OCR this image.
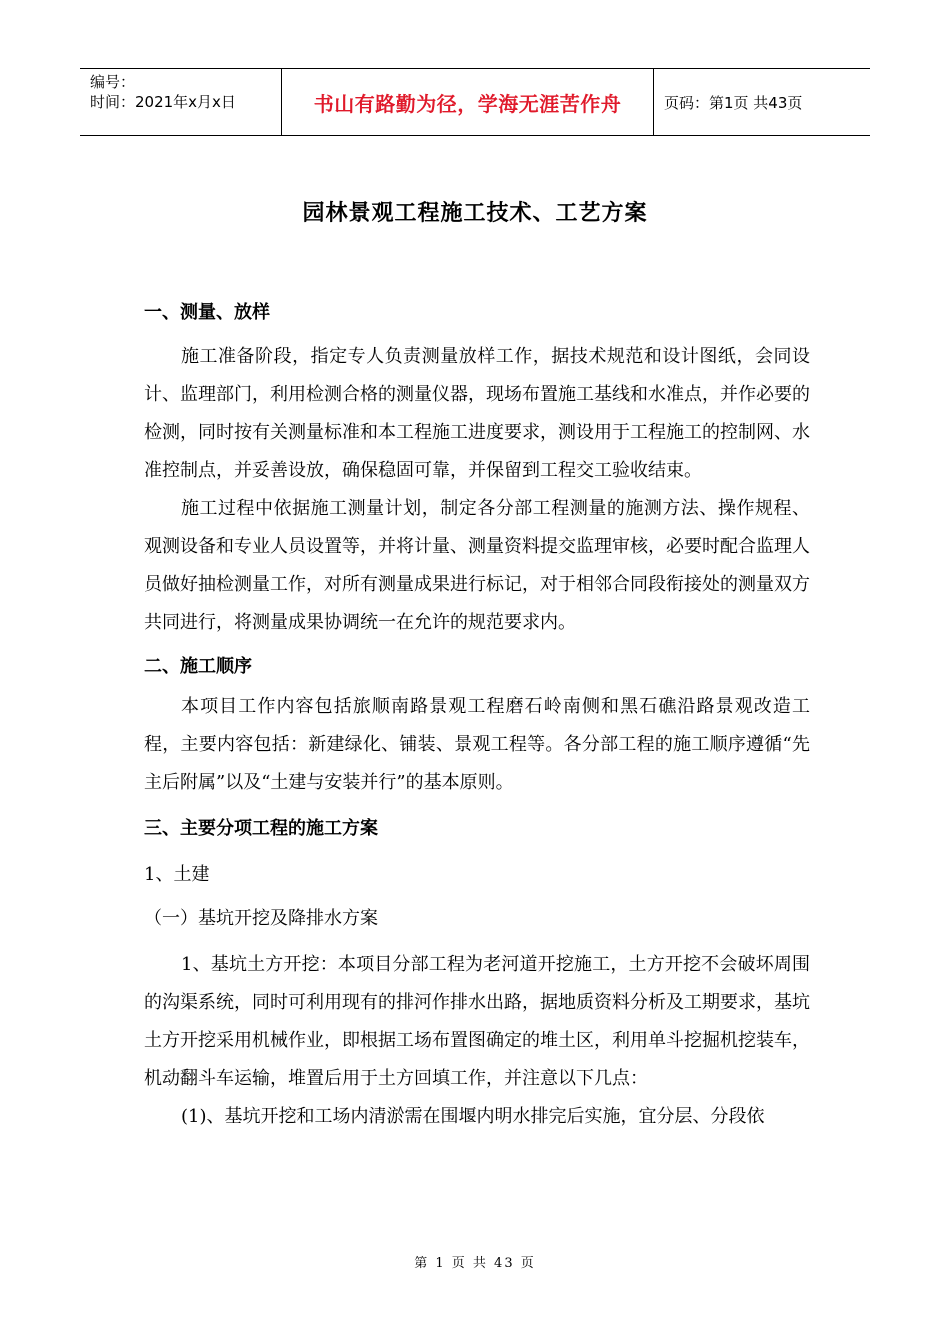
编号：
时间：2021年x月x日	书山有路勤为径，学海无涯苦作舟	页码：第1页 共43页
园林景观工程施工技术、工艺方案

一、测量、放样

施工准备阶段，指定专人负责测量放样工作，据技术规范和设计图纸，会同设计、监理部门，利用检测合格的测量仪器，现场布置施工基线和水准点，并作必要的检测，同时按有关测量标准和本工程施工进度要求，测设用于工程施工的控制网、水准控制点，并妥善设放，确保稳固可靠，并保留到工程交工验收结束。

施工过程中依据施工测量计划，制定各分部工程测量的施测方法、操作规程、观测设备和专业人员设置等，并将计量、测量资料提交监理审核，必要时配合监理人员做好抽检测量工作，对所有测量成果进行标记，对于相邻合同段衔接处的测量双方共同进行，将测量成果协调统一在允许的规范要求内。

二、施工顺序

本项目工作内容包括旅顺南路景观工程磨石岭南侧和黑石礁沿路景观改造工程，主要内容包括：新建绿化、铺装、景观工程等。各分部工程的施工顺序遵循“先主后附属”以及“土建与安装并行”的基本原则。

三、主要分项工程的施工方案

1、土建

（一）基坑开挖及降排水方案

1、基坑土方开挖：本项目分部工程为老河道开挖施工，土方开挖不会破坏周围的沟渠系统，同时可利用现有的排河作排水出路，据地质资料分析及工期要求，基坑土方开挖采用机械作业，即根据工场布置图确定的堆土区，利用单斗挖掘机挖装车，机动翻斗车运输，堆置后用于土方回填工作，并注意以下几点：

(1)、基坑开挖和工场内清淤需在围堰内明水排完后实施，宜分层、分段依

第 1 页 共 43 页
